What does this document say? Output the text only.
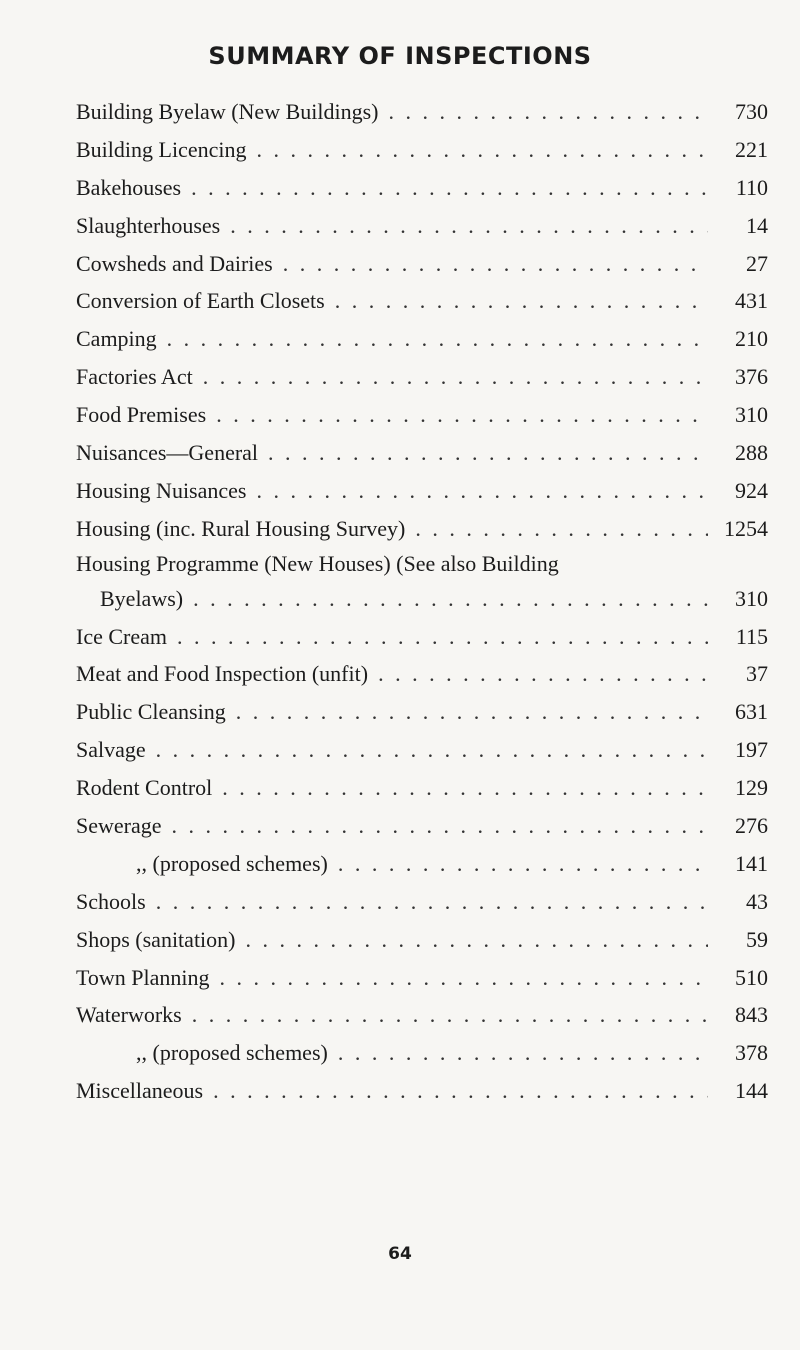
SUMMARY OF INSPECTIONS
Building Byelaw (New Buildings) . . .	730
Building Licencing . . .	221
Bakehouses . . .	110
Slaughterhouses . . .	14
Cowsheds and Dairies . . .	27
Conversion of Earth Closets . . .	431
Camping . . .	210
Factories Act . . .	376
Food Premises . . .	310
Nuisances—General . . .	288
Housing Nuisances . . .	924
Housing (inc. Rural Housing Survey) . . .	1254
Housing Programme (New Houses) (See also Building
Byelaws) . . .	310
Ice Cream . . .	115
Meat and Food Inspection (unfit) . . .	37
Public Cleansing . . .	631
Salvage . . .	197
Rodent Control . . .	129
Sewerage . . .	276
,, (proposed schemes) . . .	141
Schools . . .	43
Shops (sanitation) . . .	59
Town Planning . . .	510
Waterworks . . .	843
,, (proposed schemes) . . .	378
Miscellaneous . . .	144
64
